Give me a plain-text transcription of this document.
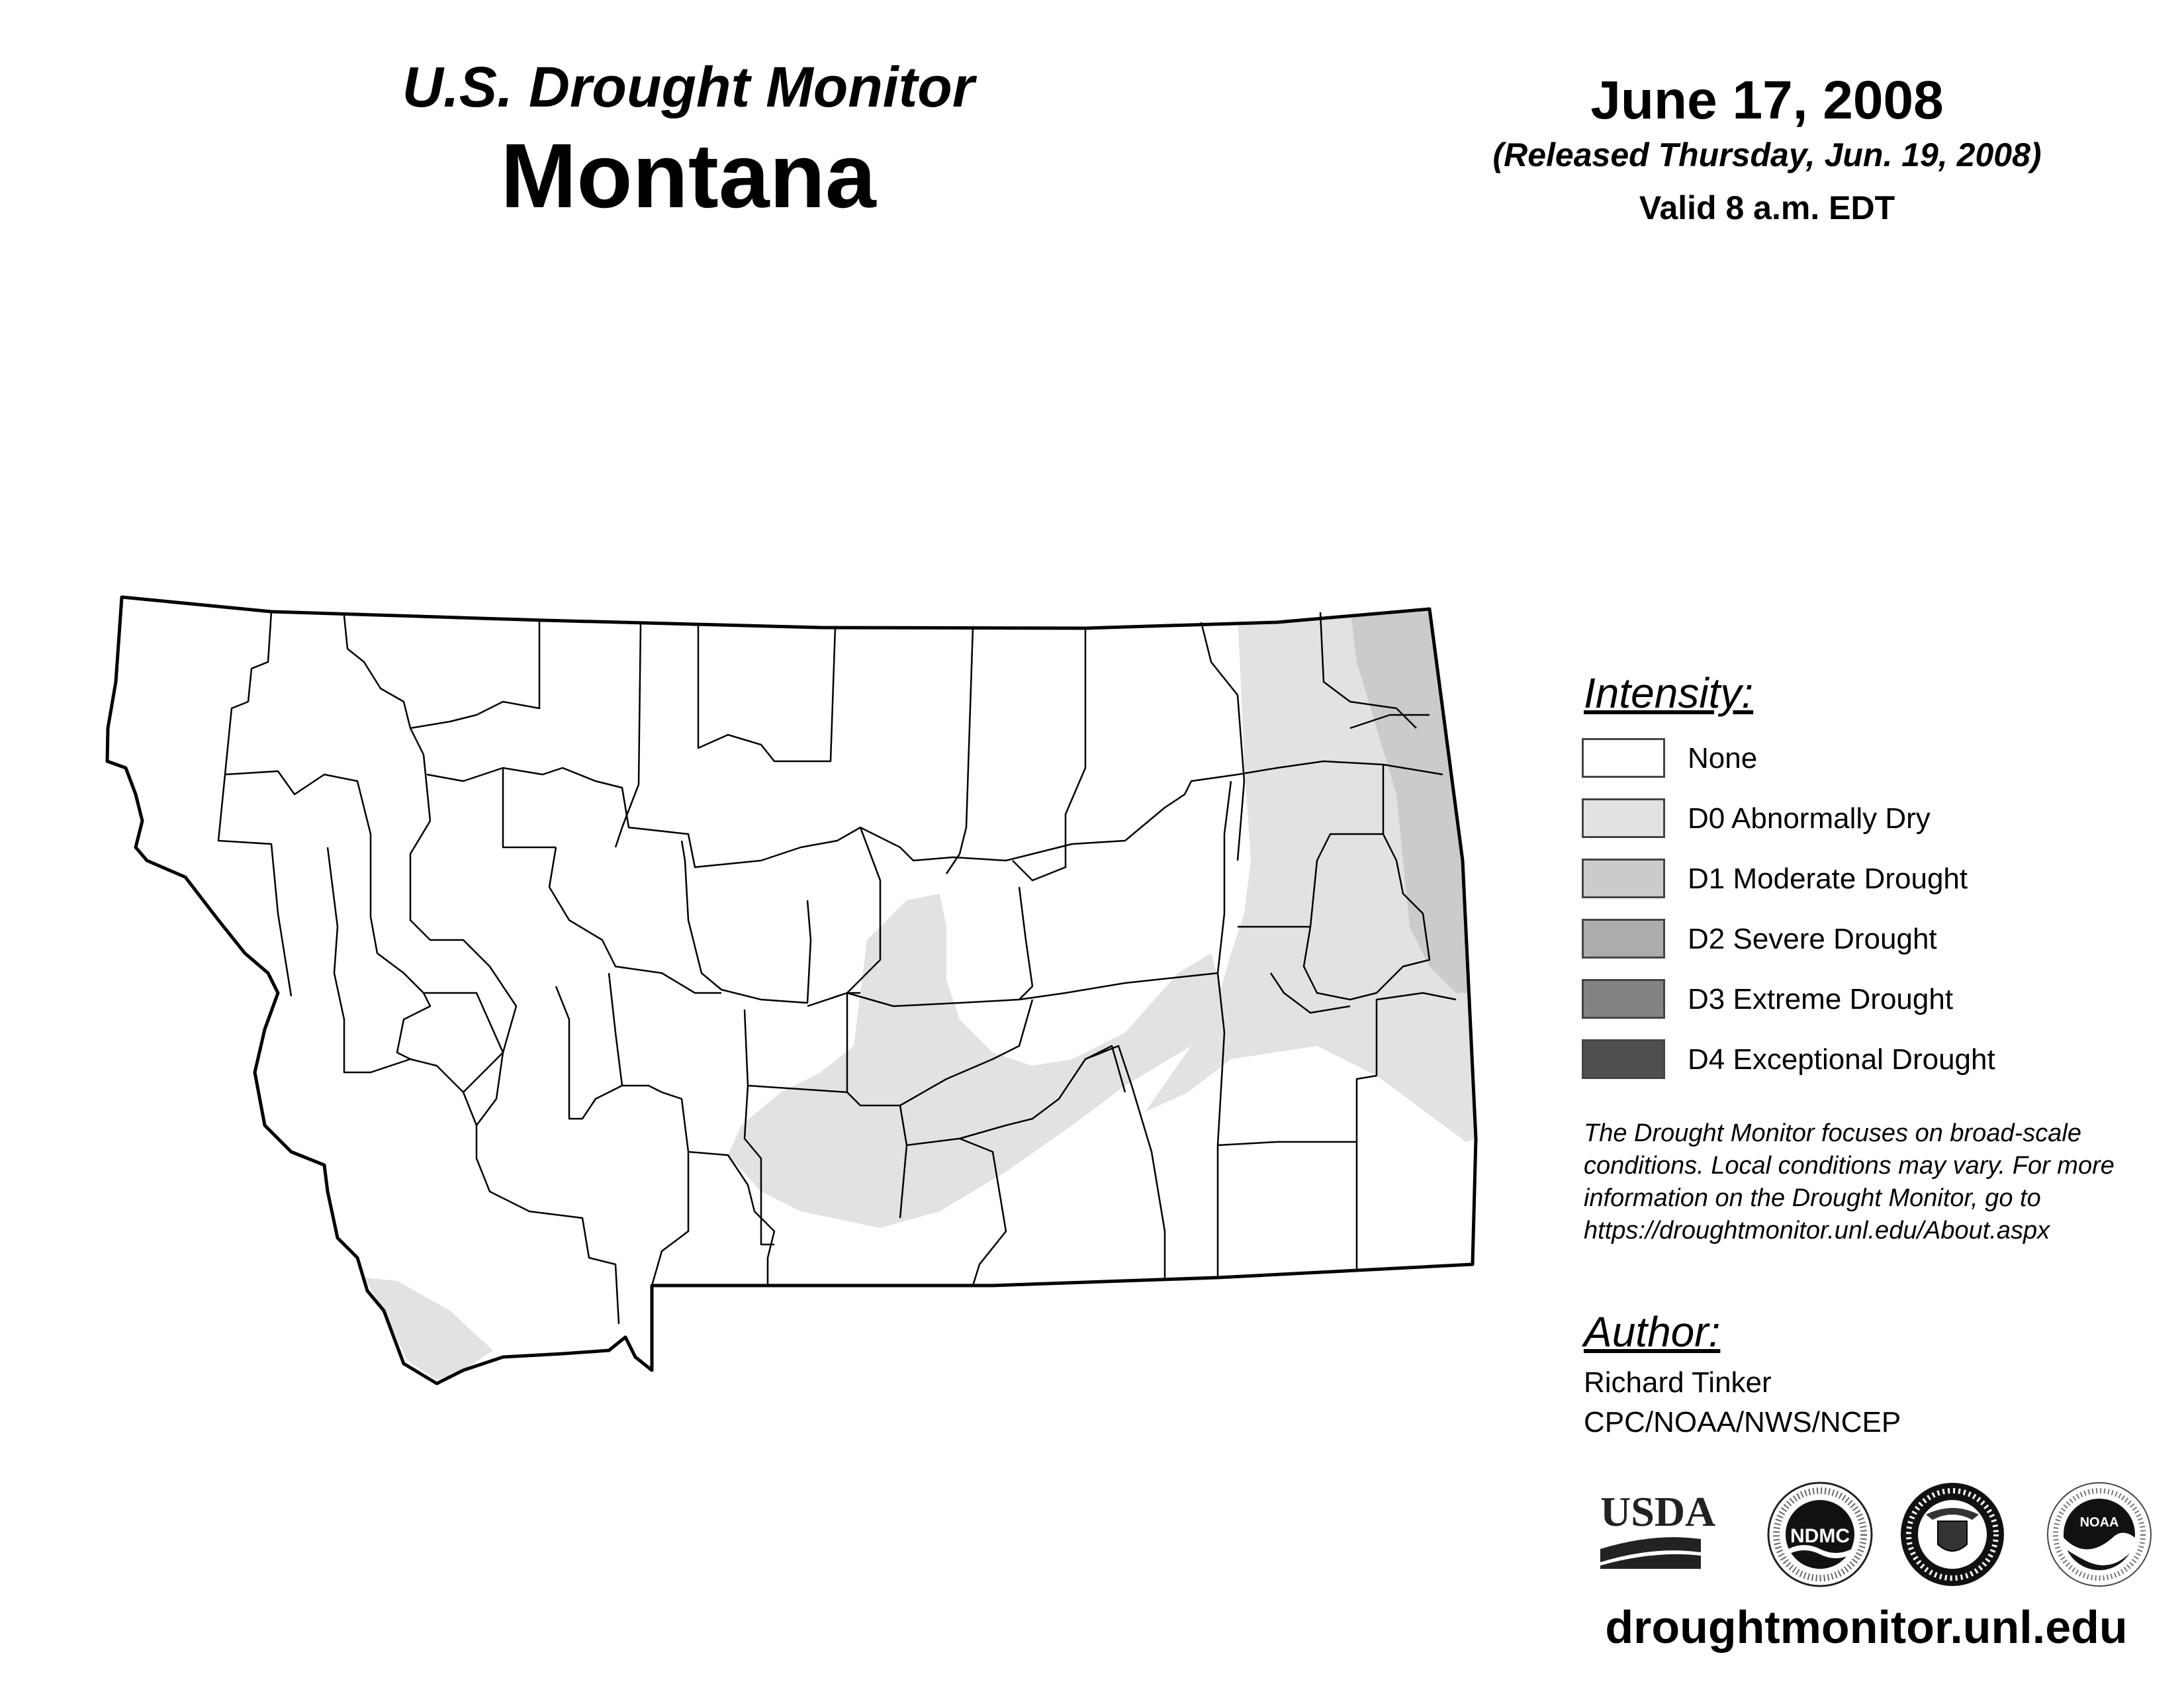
U.S. Drought Monitor
Montana
June 17, 2008
(Released Thursday, Jun. 19, 2008)
Valid 8 a.m. EDT
Intensity:
None
D0 Abnormally Dry
D1 Moderate Drought
D2 Severe Drought
D3 Extreme Drought
D4 Exceptional Drought
The Drought Monitor focuses on broad-scale
conditions. Local conditions may vary. For more
information on the Drought Monitor, go to
https://droughtmonitor.unl.edu/About.aspx
Author:
Richard Tinker
CPC/NOAA/NWS/NCEP
USDA
NDMC
NOAA
droughtmonitor.unl.edu
